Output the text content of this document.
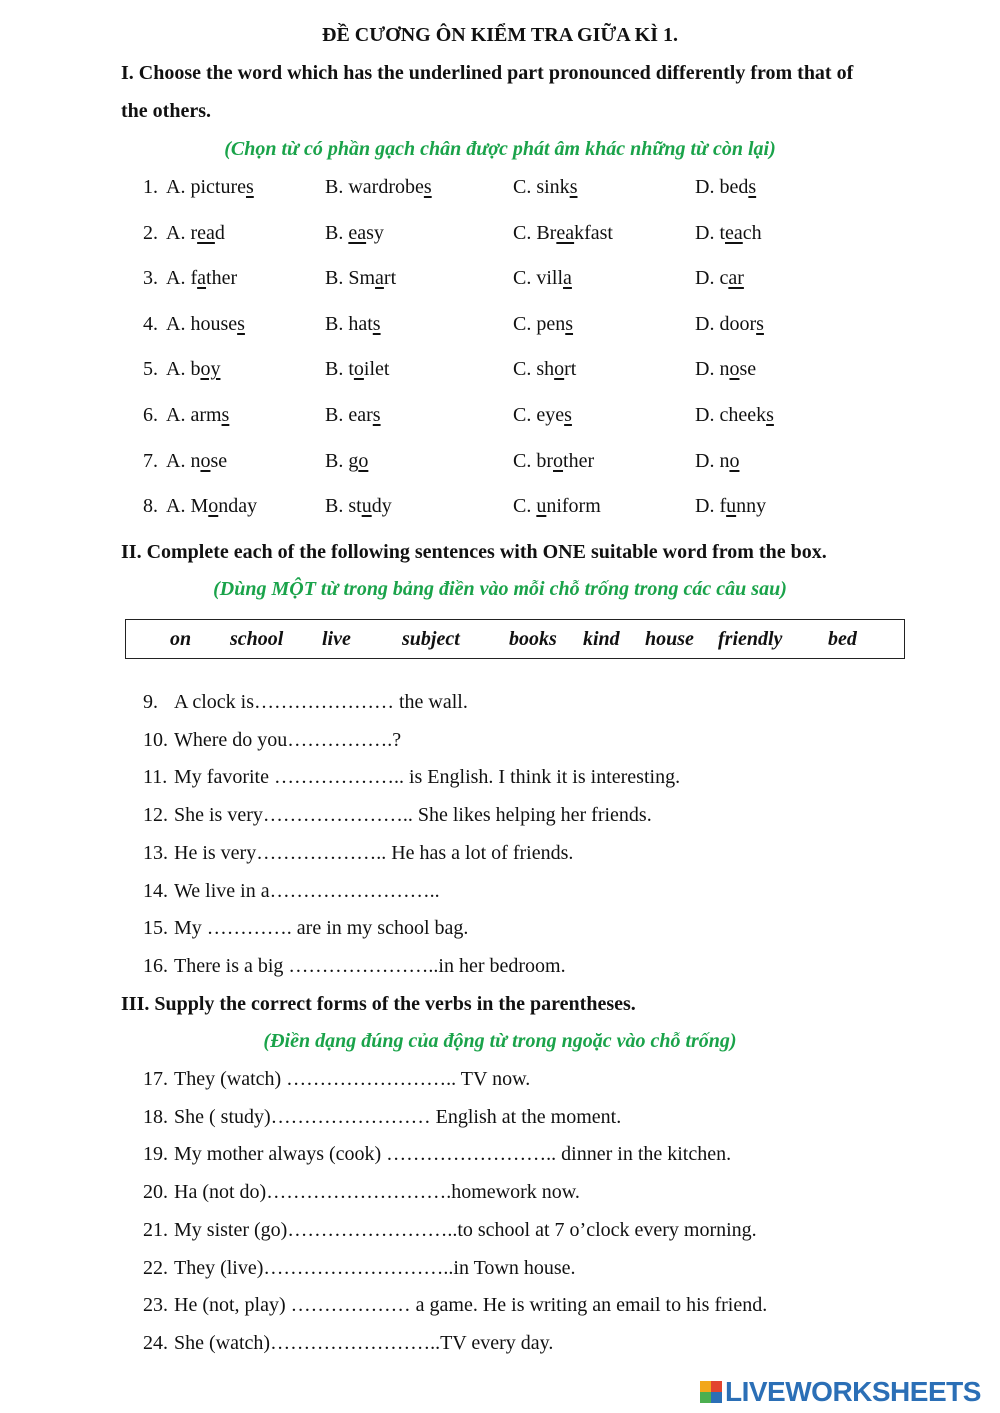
ĐỀ CƯƠNG ÔN KIỂM TRA GIỮA KÌ 1.
I. Choose the word which has the underlined part pronounced differently from that of
the others.
(Chọn từ có phần gạch chân được phát âm khác những từ còn lại)
1. A. pictures	B. wardrobes	C. sinks	D. beds
2. A. read	B. easy	C. Breakfast	D. teach
3. A. father	B. Smart	C. villa	D. car
4. A. houses	B. hats	C. pens	D. doors
5. A. boy	B. toilet	C. short	D. nose
6. A. arms	B. ears	C. eyes	D. cheeks
7. A. nose	B. go	C. brother	D. no
8. A. Monday	B. study	C. uniform	D. funny
II. Complete each of the following sentences with ONE suitable word from the box.
(Dùng MỘT từ trong bảng điền vào mỗi chỗ trống trong các câu sau)
on school live	subject books kind house friendly bed
9. A clock is………………… the wall.
10. Where do you…………….?
11. My favorite ……………….. is English. I think it is interesting.
12. She is very………………….. She likes helping her friends.
13. He is very……………….. He has a lot of friends.
14. We live in a……………………..
15. My …………. are in my school bag.
16. There is a big …………………..in her bedroom.
III. Supply the correct forms of the verbs in the parentheses.
(Điền dạng đúng của động từ trong ngoặc vào chỗ trống)
17. They (watch) …………………….. TV now.
18. She ( study)…………………… English at the moment.
19. My mother always (cook) …………………….. dinner in the kitchen.
20. Ha (not do)……………………….homework now.
21. My sister (go)……………………..to school at 7 o’clock every morning.
22. They (live)………………………..in Town house.
23. He (not, play) ……………… a game. He is writing an email to his friend.
24. She (watch)……………………..TV every day.
LIVEWORKSHEETS
